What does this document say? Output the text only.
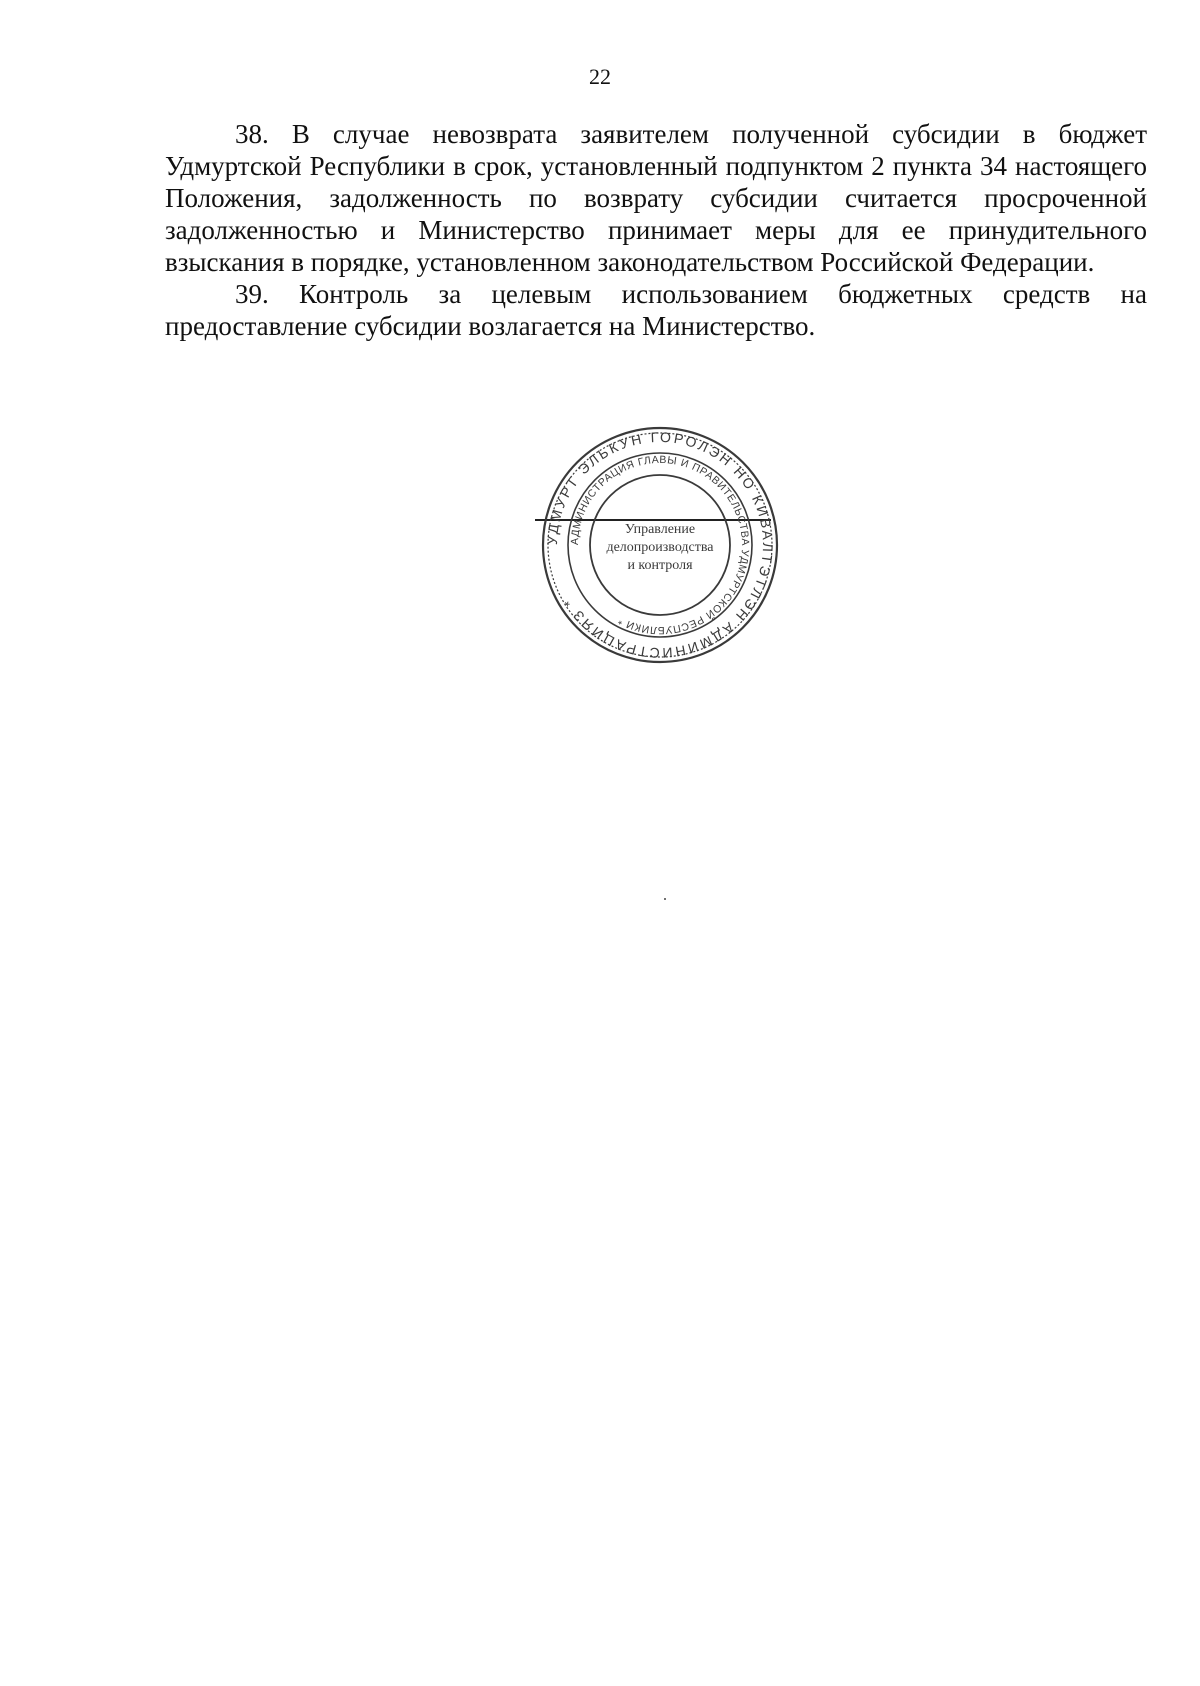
22

38. В случае невозврата заявителем полученной субсидии в бюджет Удмуртской Республики в срок, установленный подпунктом 2 пункта 34 настоящего Положения, задолженность по возврату субсидии считается просроченной задолженностью и Министерство принимает меры для ее принудительного взыскания в порядке, установленном законодательством Российской Федерации.

39. Контроль за целевым использованием бюджетных средств на предоставление субсидии возлагается на Министерство.

УДМУРТ ЭЛЬКУН ГОРОЛЭН НО КИВАЛТЭТЛЭН АДМИНИСТРАЦИЯЗ *
АДМИНИСТРАЦИЯ ГЛАВЫ И ПРАВИТЕЛЬСТВА УДМУРТСКОЙ РЕСПУБЛИКИ *
Управление
делопроизводства
и контроля
